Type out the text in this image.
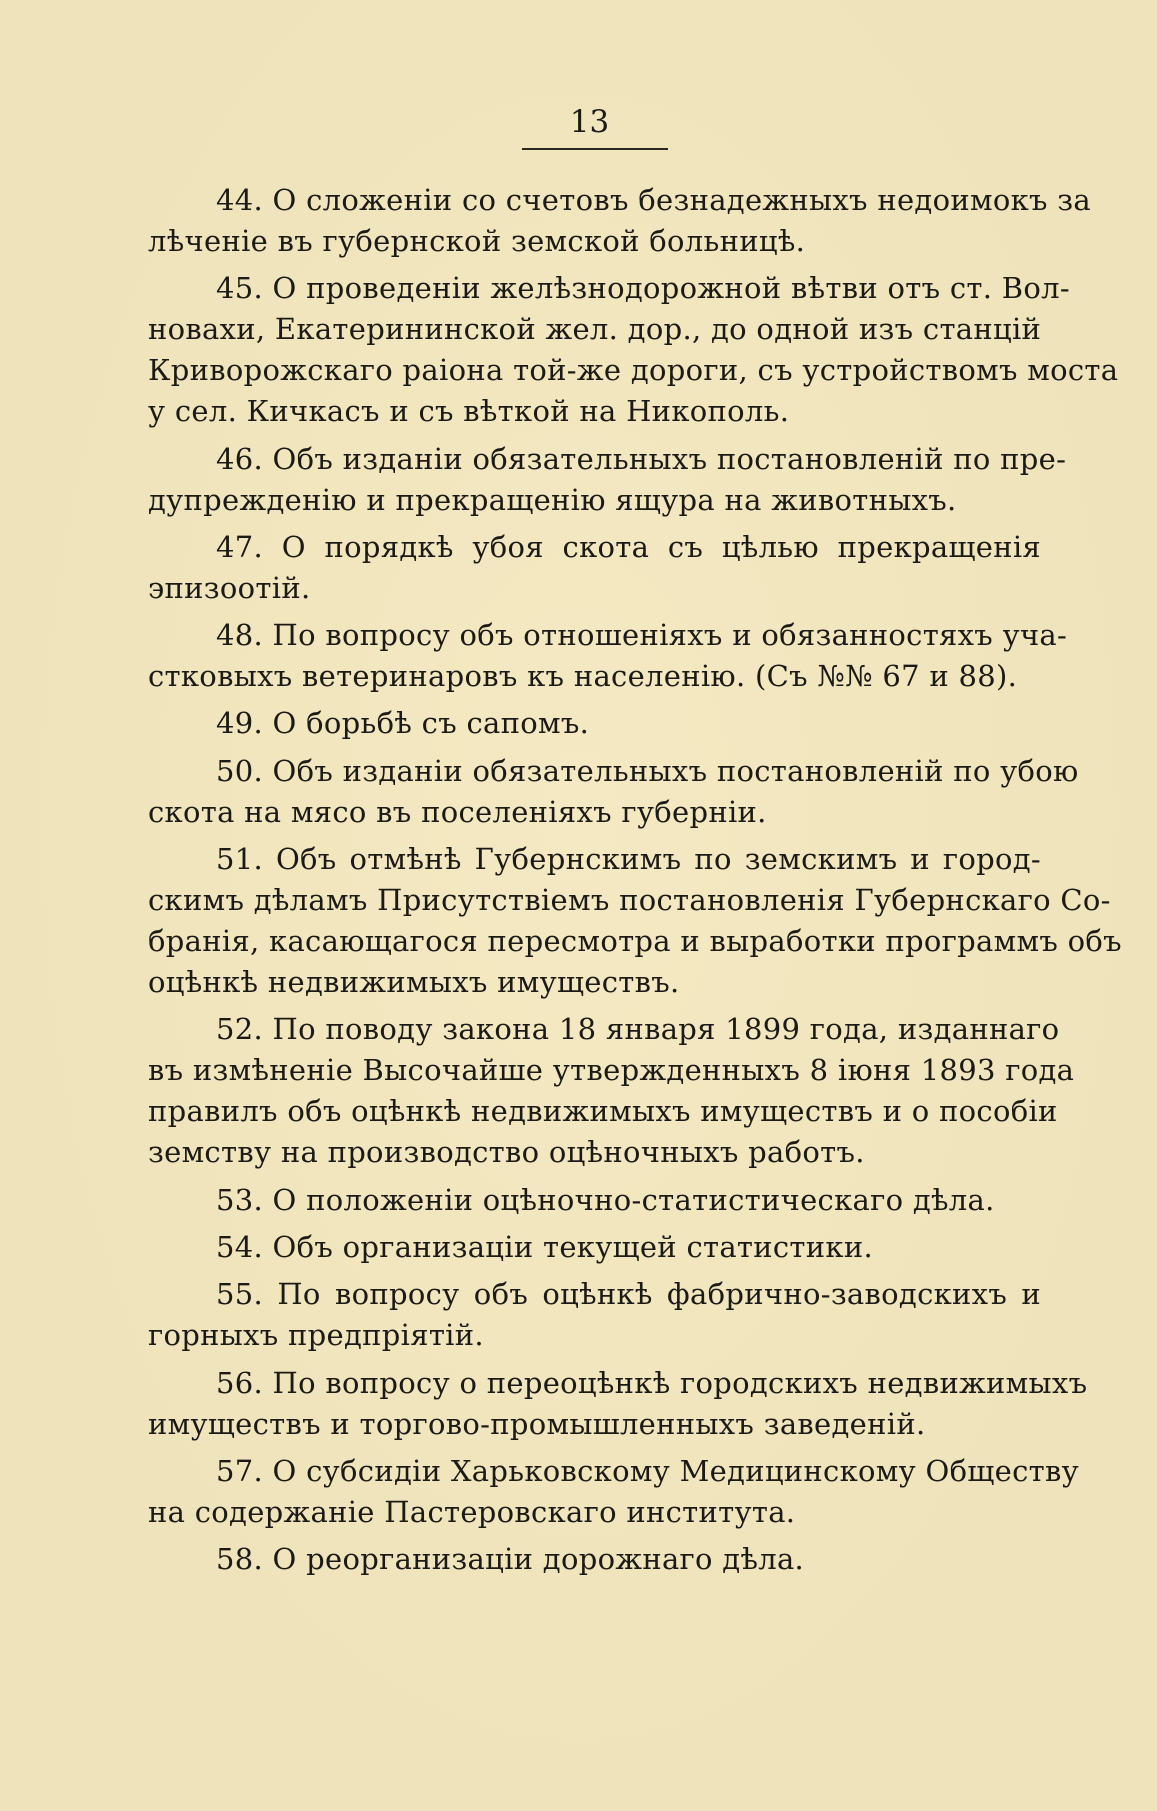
13
44. О сложенiи со счетовъ безнадежныхъ недоимокъ за
лѣченiе въ губернской земской больницѣ.
45. О проведенiи желѣзнодорожной вѣтви отъ ст. Вол-
новахи, Екатерининской жел. дор., до одной изъ станцiй
Криворожскаго раiона той-же дороги, съ устройствомъ моста
у сел. Кичкасъ и съ вѣткой на Никополь.
46. Объ изданiи обязательныхъ постановленiй по пре-
дупрежденiю и прекращенiю ящура на животныхъ.
47. О порядкѣ убоя скота съ цѣлью прекращенiя
эпизоотiй.
48. По вопросу объ отношенiяхъ и обязанностяхъ уча-
стковыхъ ветеринаровъ къ населенiю. (Съ №№ 67 и 88).
49. О борьбѣ съ сапомъ.
50. Объ изданiи обязательныхъ постановленiй по убою
скота на мясо въ поселенiяхъ губернiи.
51. Объ отмѣнѣ Губернскимъ по земскимъ и город-
скимъ дѣламъ Присутствiемъ постановленiя Губернскаго Со-
бранiя, касающагося пересмотра и выработки программъ объ
оцѣнкѣ недвижимыхъ имуществъ.
52. По поводу закона 18 января 1899 года, изданнаго
въ измѣненiе Высочайше утвержденныхъ 8 iюня 1893 года
правилъ объ оцѣнкѣ недвижимыхъ имуществъ и о пособiи
земству на производство оцѣночныхъ работъ.
53. О положенiи оцѣночно-статистическаго дѣла.
54. Объ организацiи текущей статистики.
55. По вопросу объ оцѣнкѣ фабрично-заводскихъ и
горныхъ предпрiятiй.
56. По вопросу о переоцѣнкѣ городскихъ недвижимыхъ
имуществъ и торгово-промышленныхъ заведенiй.
57. О субсидiи Харьковскому Медицинскому Обществу
на содержанiе Пастеровскаго института.
58. О реорганизацiи дорожнаго дѣла.
